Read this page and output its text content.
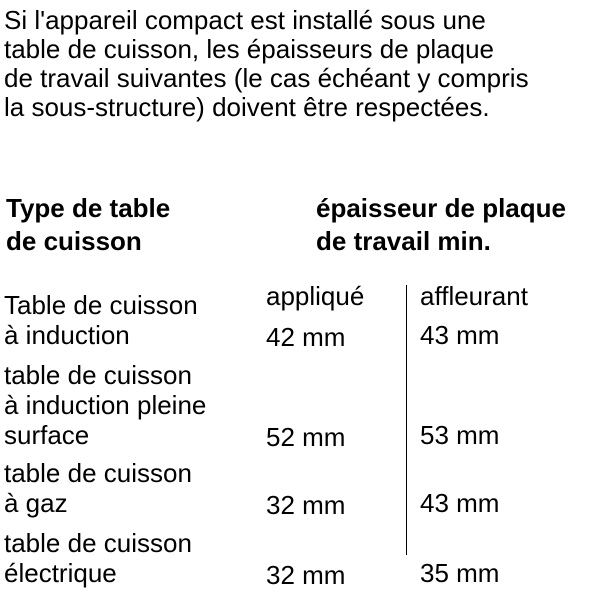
Si l'appareil compact est installé sous une
table de cuisson, les épaisseurs de plaque
de travail suivantes (le cas échéant y compris
la sous-structure) doivent être respectées.
Type de table
de cuisson
épaisseur de plaque
de travail min.
appliqué affleurant
Table de cuisson
à induction	42 mm	43 mm
table de cuisson
à induction pleine
surface	52 mm	53 mm
table de cuisson
à gaz	32 mm	43 mm
table de cuisson
électrique	32 mm	35 mm
